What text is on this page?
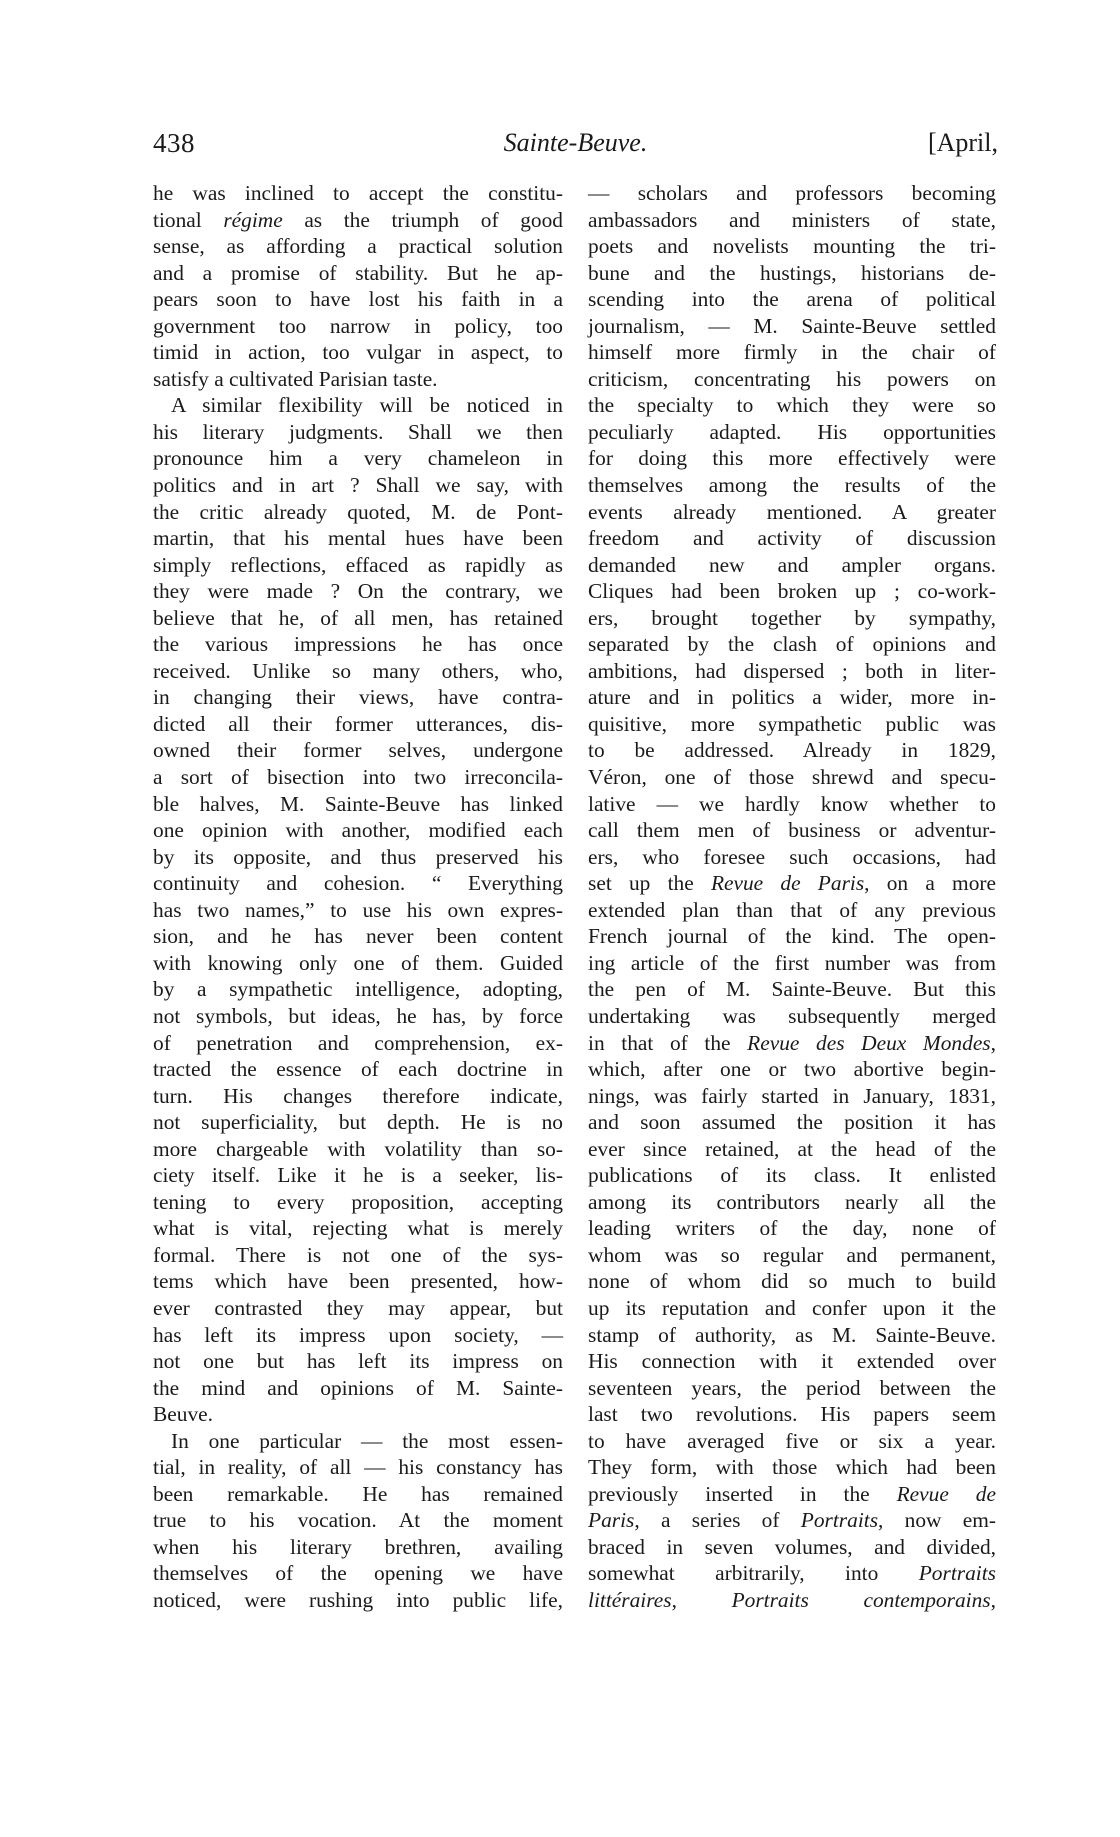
438	Sainte-Beuve.	[April,
he was inclined to accept the constitu-
tional régime as the triumph of good
sense, as affording a practical solution
and a promise of stability. But he ap-
pears soon to have lost his faith in a
government too narrow in policy, too
timid in action, too vulgar in aspect, to
satisfy a cultivated Parisian taste.
A similar flexibility will be noticed in
his literary judgments. Shall we then
pronounce him a very chameleon in
politics and in art ? Shall we say, with
the critic already quoted, M. de Pont-
martin, that his mental hues have been
simply reflections, effaced as rapidly as
they were made ? On the contrary, we
believe that he, of all men, has retained
the various impressions he has once
received. Unlike so many others, who,
in changing their views, have contra-
dicted all their former utterances, dis-
owned their former selves, undergone
a sort of bisection into two irreconcila-
ble halves, M. Sainte-Beuve has linked
one opinion with another, modified each
by its opposite, and thus preserved his
continuity and cohesion. “ Everything
has two names,” to use his own expres-
sion, and he has never been content
with knowing only one of them. Guided
by a sympathetic intelligence, adopting,
not symbols, but ideas, he has, by force
of penetration and comprehension, ex-
tracted the essence of each doctrine in
turn. His changes therefore indicate,
not superficiality, but depth. He is no
more chargeable with volatility than so-
ciety itself. Like it he is a seeker, lis-
tening to every proposition, accepting
what is vital, rejecting what is merely
formal. There is not one of the sys-
tems which have been presented, how-
ever contrasted they may appear, but
has left its impress upon society, —
not one but has left its impress on
the mind and opinions of M. Sainte-
Beuve.
In one particular — the most essen-
tial, in reality, of all — his constancy has
been remarkable. He has remained
true to his vocation. At the moment
when his literary brethren, availing
themselves of the opening we have
noticed, were rushing into public life,
— scholars and professors becoming
ambassadors and ministers of state,
poets and novelists mounting the tri-
bune and the hustings, historians de-
scending into the arena of political
journalism, — M. Sainte-Beuve settled
himself more firmly in the chair of
criticism, concentrating his powers on
the specialty to which they were so
peculiarly adapted. His opportunities
for doing this more effectively were
themselves among the results of the
events already mentioned. A greater
freedom and activity of discussion
demanded new and ampler organs.
Cliques had been broken up ; co-work-
ers, brought together by sympathy,
separated by the clash of opinions and
ambitions, had dispersed ; both in liter-
ature and in politics a wider, more in-
quisitive, more sympathetic public was
to be addressed. Already in 1829,
Véron, one of those shrewd and specu-
lative — we hardly know whether to
call them men of business or adventur-
ers, who foresee such occasions, had
set up the Revue de Paris, on a more
extended plan than that of any previous
French journal of the kind. The open-
ing article of the first number was from
the pen of M. Sainte-Beuve. But this
undertaking was subsequently merged
in that of the Revue des Deux Mondes,
which, after one or two abortive begin-
nings, was fairly started in January, 1831,
and soon assumed the position it has
ever since retained, at the head of the
publications of its class. It enlisted
among its contributors nearly all the
leading writers of the day, none of
whom was so regular and permanent,
none of whom did so much to build
up its reputation and confer upon it the
stamp of authority, as M. Sainte-Beuve.
His connection with it extended over
seventeen years, the period between the
last two revolutions. His papers seem
to have averaged five or six a year.
They form, with those which had been
previously inserted in the Revue de
Paris, a series of Portraits, now em-
braced in seven volumes, and divided,
somewhat arbitrarily, into Portraits
littéraires, Portraits	contemporains,
